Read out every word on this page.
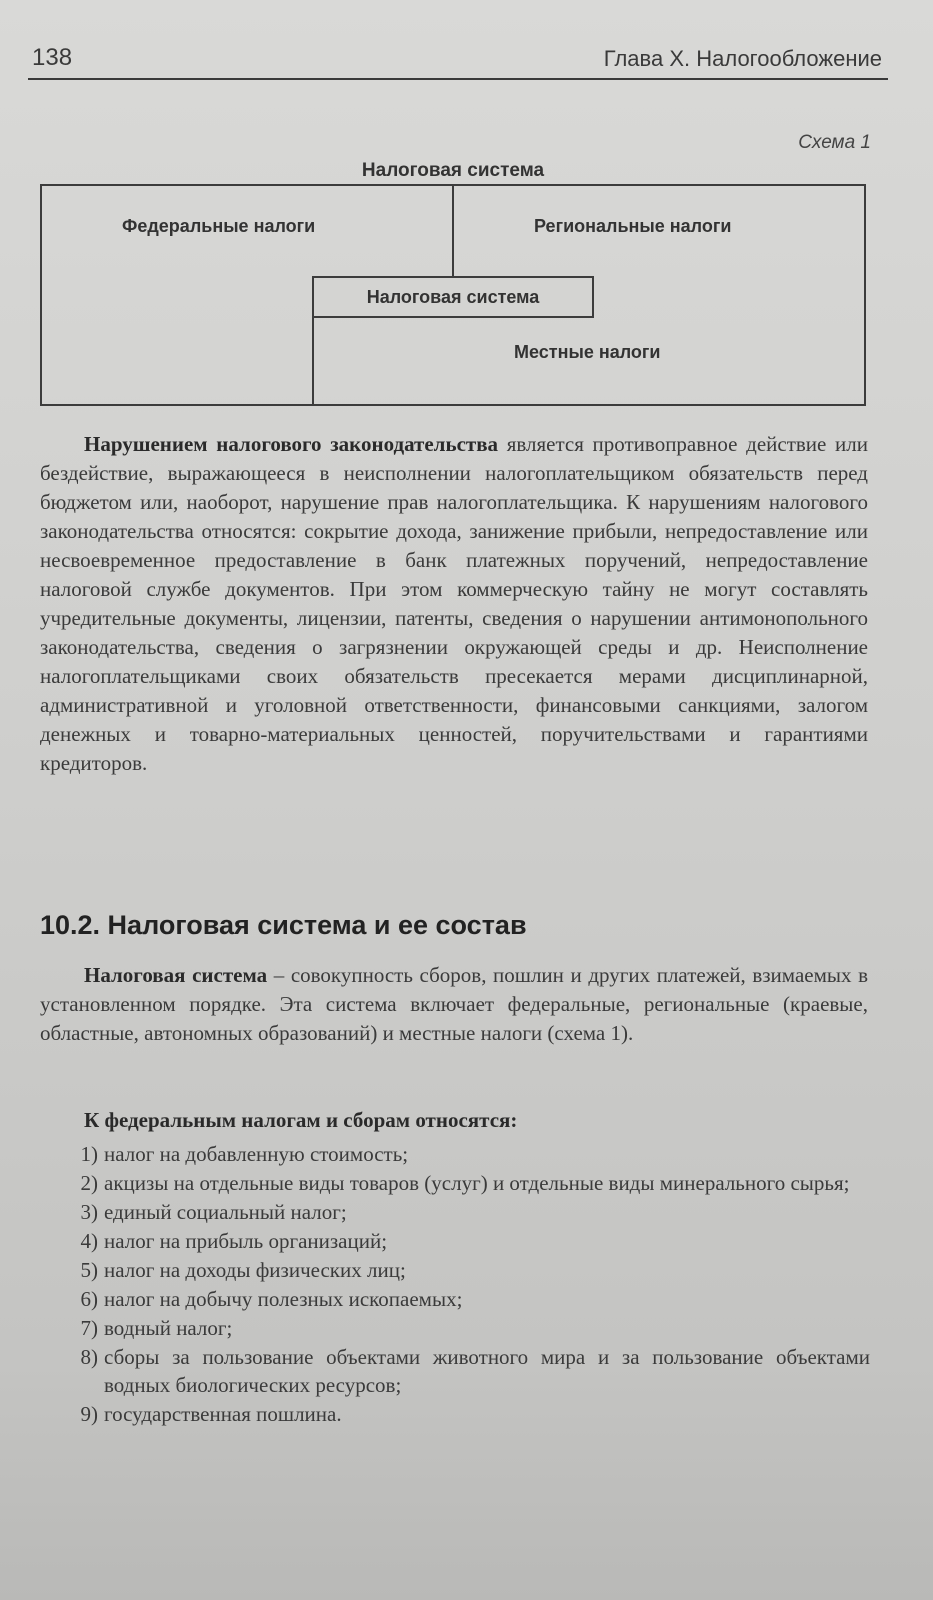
138	Глава X. Налогообложение
Схема 1
Налоговая система
Федеральные налоги	Региональные налоги
Налоговая система
Местные налоги

Нарушением налогового законодательства является противоправное действие или бездействие, выражающееся в неисполнении налогоплательщиком обязательств перед бюджетом или, наоборот, нарушение прав налогоплательщика. К нарушениям налогового законодательства относятся: сокрытие дохода, занижение прибыли, непредоставление или несвоевременное предоставление в банк платежных поручений, непредоставление налоговой службе документов. При этом коммерческую тайну не могут составлять учредительные документы, лицензии, патенты, сведения о нарушении антимонопольного законодательства, сведения о загрязнении окружающей среды и др. Неисполнение налогоплательщиками своих обязательств пресекается мерами дисциплинарной, административной и уголовной ответственности, финансовыми санкциями, залогом денежных и товарно-материальных ценностей, поручительствами и гарантиями кредиторов.

10.2. Налоговая система и ее состав

Налоговая система – совокупность сборов, пошлин и других платежей, взимаемых в установленном порядке. Эта система включает федеральные, региональные (краевые, областные, автономных образований) и местные налоги (схема 1).

К федеральным налогам и сборам относятся:

1) налог на добавленную стоимость;
2) акцизы на отдельные виды товаров (услуг) и отдельные виды минерального сырья;
3) единый социальный налог;
4) налог на прибыль организаций;
5) налог на доходы физических лиц;
6) налог на добычу полезных ископаемых;
7) водный налог;
8) сборы за пользование объектами животного мира и за пользование объектами водных биологических ресурсов;
9) государственная пошлина.
